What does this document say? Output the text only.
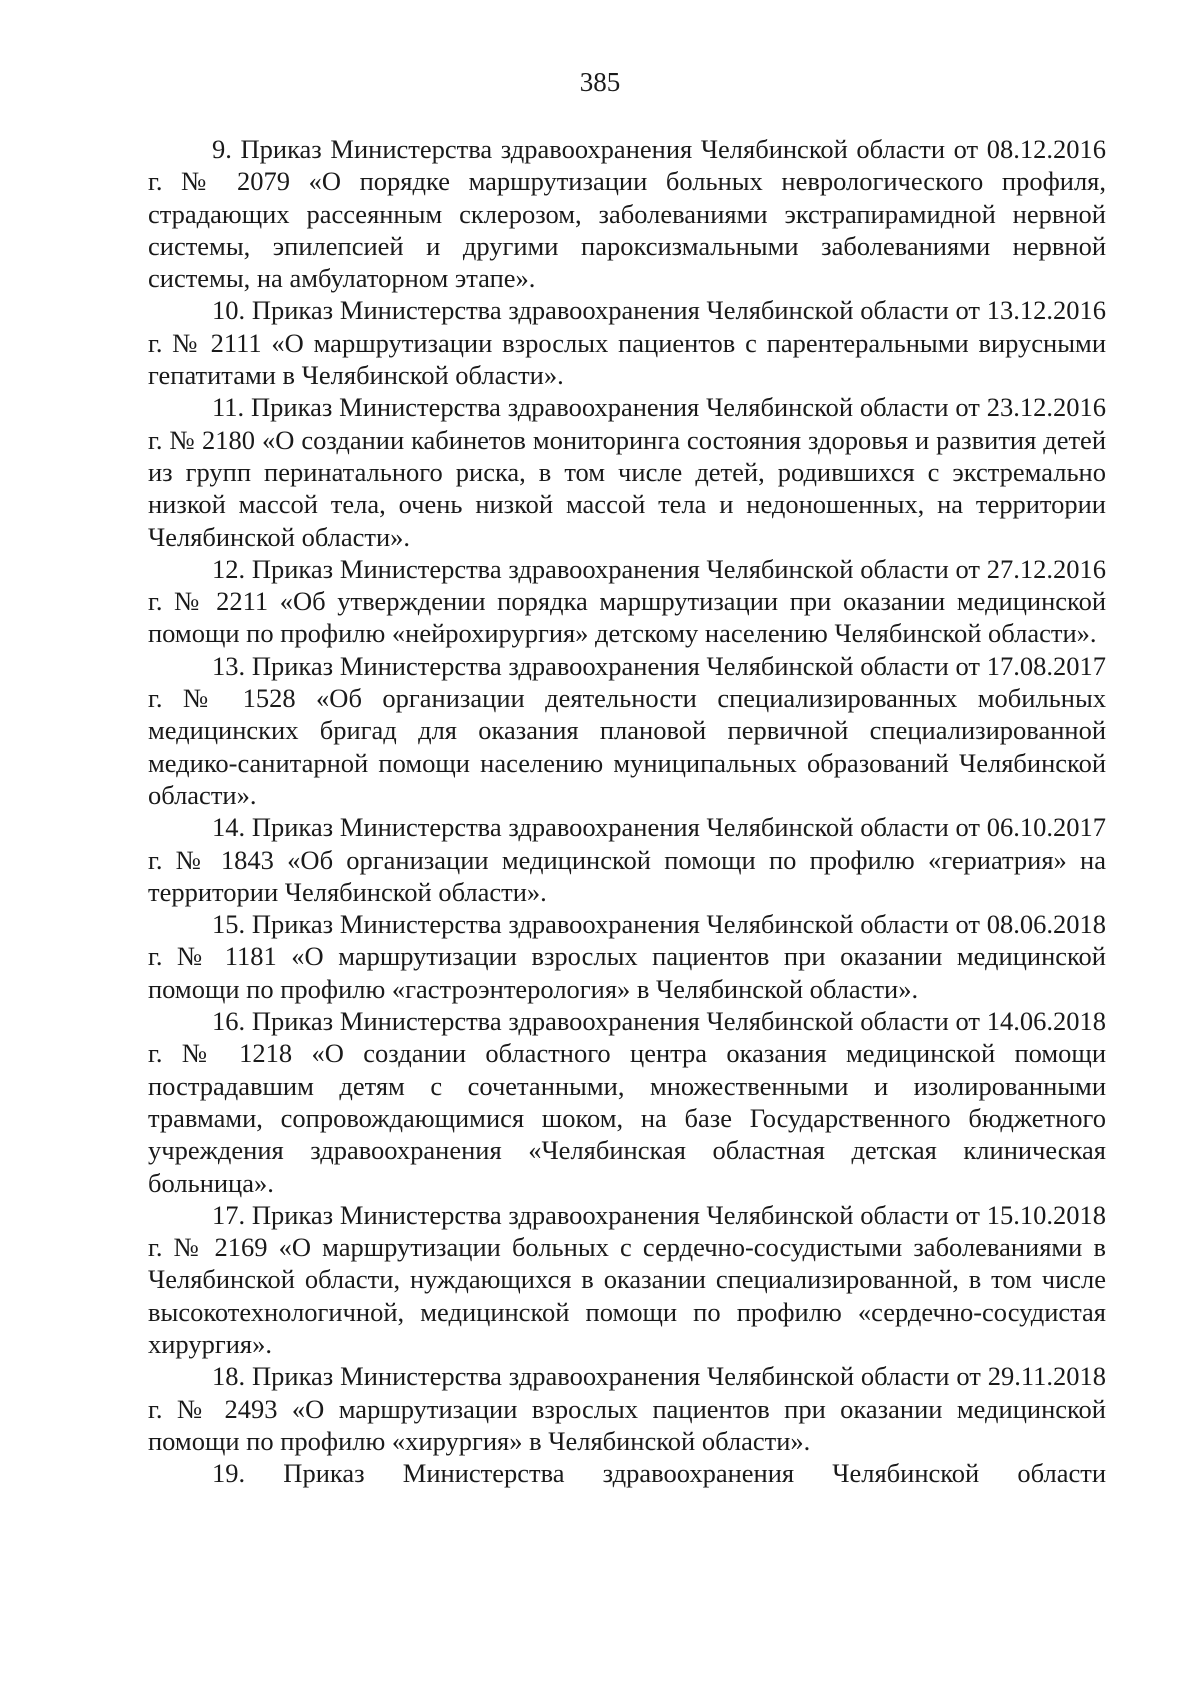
385

9. Приказ Министерства здравоохранения Челябинской области от 08.12.2016 г. № 2079 «О порядке маршрутизации больных неврологического профиля, страдающих рассеянным склерозом, заболеваниями экстрапирамидной нервной системы, эпилепсией и другими пароксизмальными заболеваниями нервной системы, на амбулаторном этапе».

10. Приказ Министерства здравоохранения Челябинской области от 13.12.2016 г. № 2111 «О маршрутизации взрослых пациентов с парентеральными вирусными гепатитами в Челябинской области».

11. Приказ Министерства здравоохранения Челябинской области от 23.12.2016 г. № 2180 «О создании кабинетов мониторинга состояния здоровья и развития детей из групп перинатального риска, в том числе детей, родившихся с экстремально низкой массой тела, очень низкой массой тела и недоношенных, на территории Челябинской области».

12. Приказ Министерства здравоохранения Челябинской области от 27.12.2016 г. № 2211 «Об утверждении порядка маршрутизации при оказании медицинской помощи по профилю «нейрохирургия» детскому населению Челябинской области».

13. Приказ Министерства здравоохранения Челябинской области от 17.08.2017 г. № 1528 «Об организации деятельности специализированных мобильных медицинских бригад для оказания плановой первичной специализированной медико-санитарной помощи населению муниципальных образований Челябинской области».

14. Приказ Министерства здравоохранения Челябинской области от 06.10.2017 г. № 1843 «Об организации медицинской помощи по профилю «гериатрия» на территории Челябинской области».

15. Приказ Министерства здравоохранения Челябинской области от 08.06.2018 г. № 1181 «О маршрутизации взрослых пациентов при оказании медицинской помощи по профилю «гастроэнтерология» в Челябинской области».

16. Приказ Министерства здравоохранения Челябинской области от 14.06.2018 г. № 1218 «О создании областного центра оказания медицинской помощи пострадавшим детям с сочетанными, множественными и изолированными травмами, сопровождающимися шоком, на базе Государственного бюджетного учреждения здравоохранения «Челябинская областная детская клиническая больница».

17. Приказ Министерства здравоохранения Челябинской области от 15.10.2018 г. № 2169 «О маршрутизации больных с сердечно-сосудистыми заболеваниями в Челябинской области, нуждающихся в оказании специализированной, в том числе высокотехнологичной, медицинской помощи по профилю «сердечно-сосудистая хирургия».

18. Приказ Министерства здравоохранения Челябинской области от 29.11.2018 г. № 2493 «О маршрутизации взрослых пациентов при оказании медицинской помощи по профилю «хирургия» в Челябинской области».

19. Приказ Министерства здравоохранения Челябинской области
